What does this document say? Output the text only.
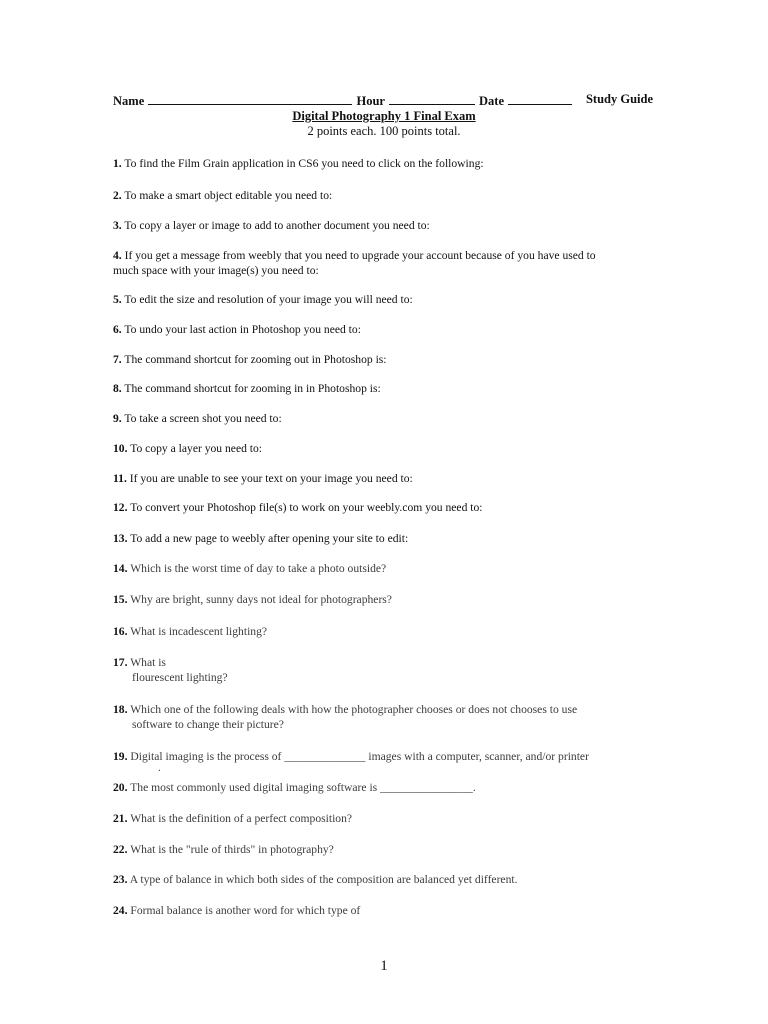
Name	Hour	Date	Study Guide
Digital Photography 1 Final Exam
2 points each. 100 points total.
1. To find the Film Grain application in CS6 you need to click on the following:
2. To make a smart object editable you need to:
3. To copy a layer or image to add to another document you need to:
4. If you get a message from weebly that you need to upgrade your account because of you have used to
much space with your image(s) you need to:
5. To edit the size and resolution of your image you will need to:
6. To undo your last action in Photoshop you need to:
7. The command shortcut for zooming out in Photoshop is:
8. The command shortcut for zooming in in Photoshop is:
9. To take a screen shot you need to:
10. To copy a layer you need to:
11. If you are unable to see your text on your image you need to:
12. To convert your Photoshop file(s) to work on your weebly.com you need to:
13. To add a new page to weebly after opening your site to edit:
14. Which is the worst time of day to take a photo outside?
15. Why are bright, sunny days not ideal for photographers?
16. What is incadescent lighting?
17. What is
flourescent lighting?
18. Which one of the following deals with how the photographer chooses or does not chooses to use
software to change their picture?
19. Digital imaging is the process of ______________ images with a computer, scanner, and/or printer
.
20. The most commonly used digital imaging software is ________________.
21. What is the definition of a perfect composition?
22. What is the "rule of thirds" in photography?
23. A type of balance in which both sides of the composition are balanced yet different.
24. Formal balance is another word for which type of
1
